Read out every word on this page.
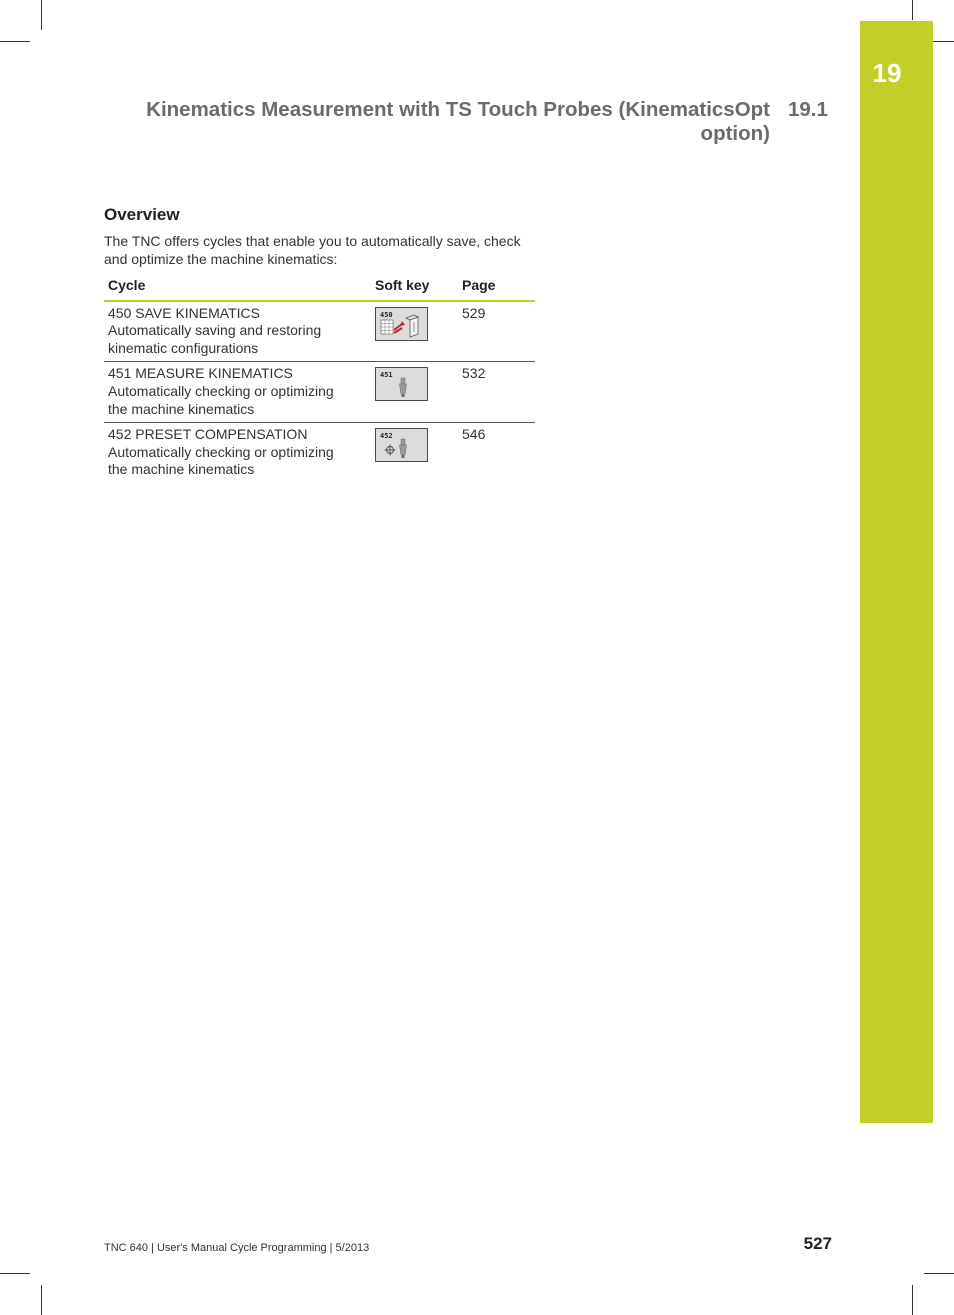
19
Kinematics Measurement with TS Touch Probes (KinematicsOpt
option)
19.1
Overview
The TNC offers cycles that enable you to automatically save, check and optimize the machine kinematics:
Cycle	Soft key	Page

450 SAVE KINEMATICS
Automatically saving and restoring
kinematic configurations	450	529

451 MEASURE KINEMATICS
Automatically checking or optimizing
the machine kinematics	451	532

452 PRESET COMPENSATION
Automatically checking or optimizing
the machine kinematics	452	546
TNC 640 | User's Manual Cycle Programming | 5/2013	527
